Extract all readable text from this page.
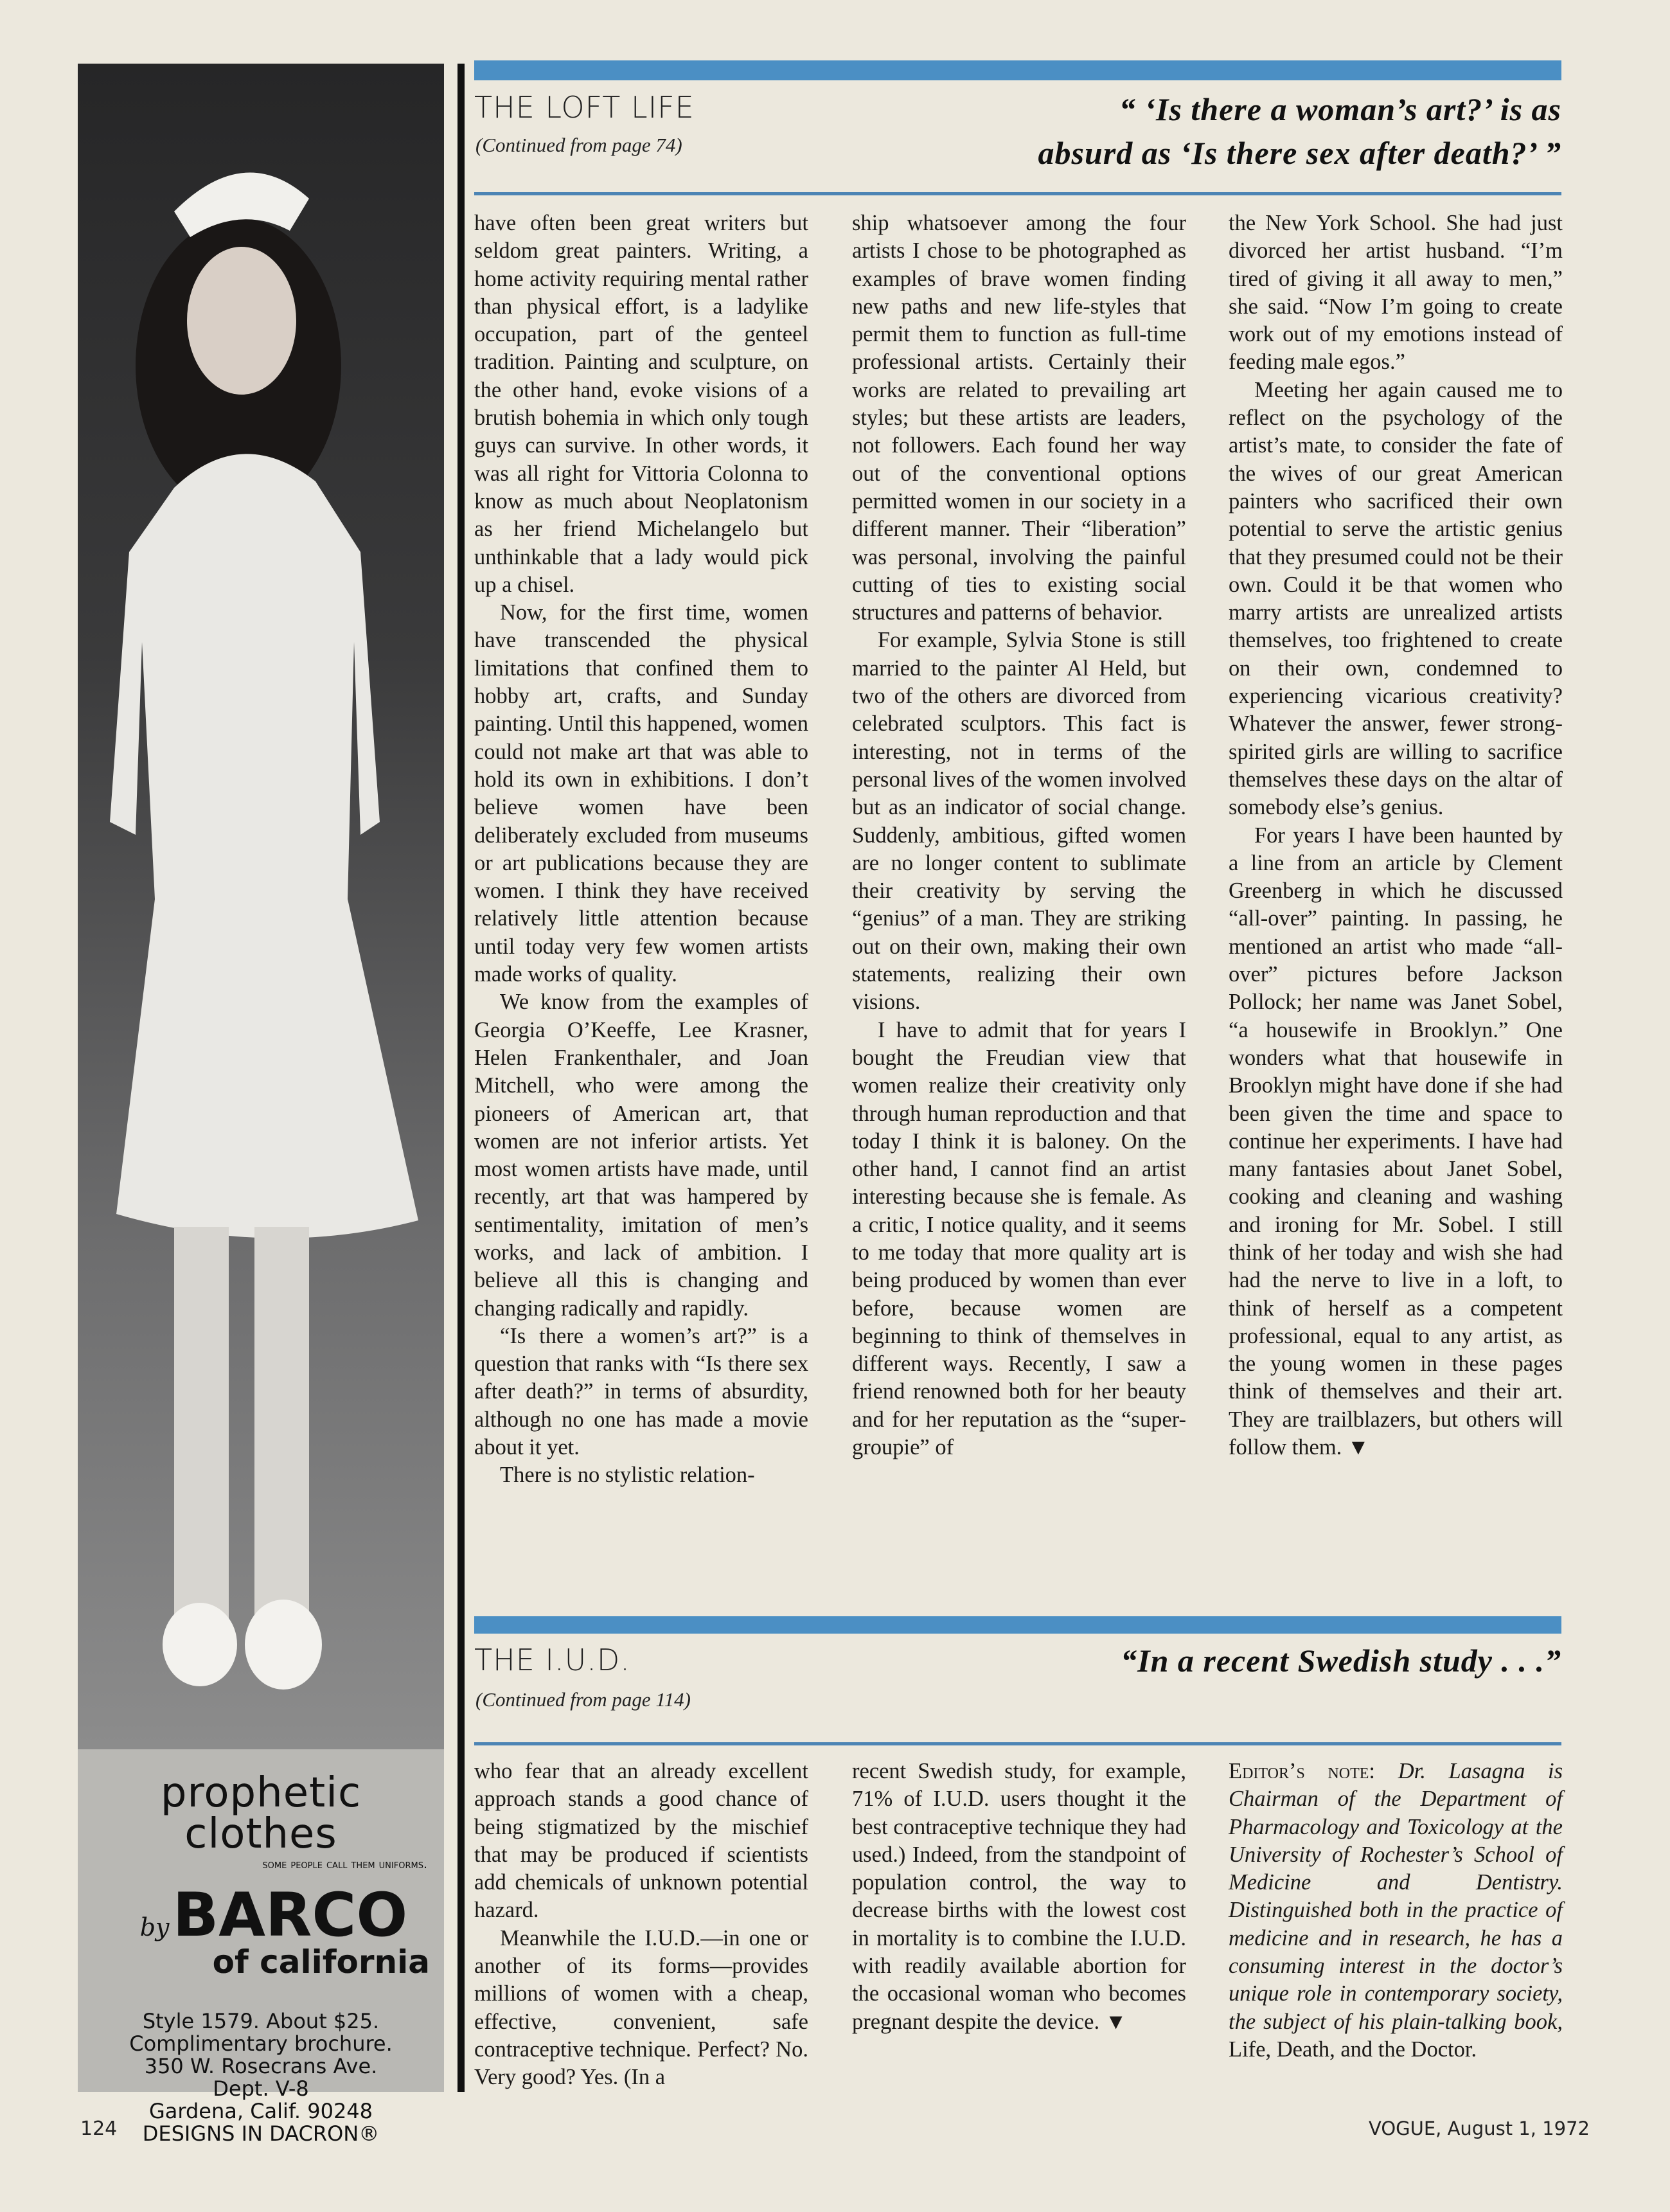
prophetic clothes
some people call them uniforms.
by BARCO
of california
Style 1579. About $25.
Complimentary brochure.
350 W. Rosecrans Ave.
Dept. V-8
Gardena, Calif. 90248
DESIGNS IN DACRON®
THE LOFT LIFE
(Continued from page 74)
“ ‘Is there a woman’s art?’ is as
absurd as ‘Is there sex after death?’ ”

have often been great writers but seldom great painters. Writing, a home activity requiring mental rather than physical effort, is a ladylike occupation, part of the genteel tradition. Painting and sculpture, on the other hand, evoke visions of a brutish bohemia in which only tough guys can survive. In other words, it was all right for Vittoria Colonna to know as much about Neoplatonism as her friend Michelangelo but unthinkable that a lady would pick up a chisel.

Now, for the first time, women have transcended the physical limitations that confined them to hobby art, crafts, and Sunday painting. Until this happened, women could not make art that was able to hold its own in exhibitions. I don’t believe women have been deliberately excluded from museums or art publications because they are women. I think they have received relatively little attention because until today very few women artists made works of quality.

We know from the examples of Georgia O’Keeffe, Lee Krasner, Helen Frankenthaler, and Joan Mitchell, who were among the pioneers of American art, that women are not inferior artists. Yet most women artists have made, until recently, art that was hampered by sentimentality, imitation of men’s works, and lack of ambition. I believe all this is changing and changing radically and rapidly.

“Is there a women’s art?” is a question that ranks with “Is there sex after death?” in terms of absurdity, although no one has made a movie about it yet.

There is no stylistic relation-

ship whatsoever among the four artists I chose to be photographed as examples of brave women finding new paths and new life-styles that permit them to function as full-time professional artists. Certainly their works are related to prevailing art styles; but these artists are leaders, not followers. Each found her way out of the conventional options permitted women in our society in a different manner. Their “liberation” was personal, involving the painful cutting of ties to existing social structures and patterns of behavior.

For example, Sylvia Stone is still married to the painter Al Held, but two of the others are divorced from celebrated sculptors. This fact is interesting, not in terms of the personal lives of the women involved but as an indicator of social change. Suddenly, ambitious, gifted women are no longer content to sublimate their creativity by serving the “genius” of a man. They are striking out on their own, making their own statements, realizing their own visions.

I have to admit that for years I bought the Freudian view that women realize their creativity only through human reproduction and that today I think it is baloney. On the other hand, I cannot find an artist interesting because she is female. As a critic, I notice quality, and it seems to me today that more quality art is being produced by women than ever before, because women are beginning to think of themselves in different ways. Recently, I saw a friend renowned both for her beauty and for her reputation as the “super-groupie” of

the New York School. She had just divorced her artist husband. “I’m tired of giving it all away to men,” she said. “Now I’m going to create work out of my emotions instead of feeding male egos.”

Meeting her again caused me to reflect on the psychology of the artist’s mate, to consider the fate of the wives of our great American painters who sacrificed their own potential to serve the artistic genius that they presumed could not be their own. Could it be that women who marry artists are unrealized artists themselves, too frightened to create on their own, condemned to experiencing vicarious creativity? Whatever the answer, fewer strong-spirited girls are willing to sacrifice themselves these days on the altar of somebody else’s genius.

For years I have been haunted by a line from an article by Clement Greenberg in which he discussed “all-over” painting. In passing, he mentioned an artist who made “all-over” pictures before Jackson Pollock; her name was Janet Sobel, “a housewife in Brooklyn.” One wonders what that housewife in Brooklyn might have done if she had been given the time and space to continue her experiments. I have had many fantasies about Janet Sobel, cooking and cleaning and washing and ironing for Mr. Sobel. I still think of her today and wish she had had the nerve to live in a loft, to think of herself as a competent professional, equal to any artist, as the young women in these pages think of themselves and their art. They are trailblazers, but others will follow them. ▼

THE I.U.D.
(Continued from page 114)
“In a recent Swedish study . . .”

who fear that an already excellent approach stands a good chance of being stigmatized by the mischief that may be produced if scientists add chemicals of unknown potential hazard.

Meanwhile the I.U.D.—in one or another of its forms—provides millions of women with a cheap, effective, convenient, safe contraceptive technique. Perfect? No. Very good? Yes. (In a

recent Swedish study, for example, 71% of I.U.D. users thought it the best contraceptive technique they had used.) Indeed, from the standpoint of population control, the way to decrease births with the lowest cost in mortality is to combine the I.U.D. with readily available abortion for the occasional woman who becomes pregnant despite the device. ▼

Editor’s note: Dr. Lasagna is Chairman of the Department of Pharmacology and Toxicology at the University of Rochester’s School of Medicine and Dentistry. Distinguished both in the practice of medicine and in research, he has a consuming interest in the doctor’s unique role in contemporary society, the subject of his plain-talking book, Life, Death, and the Doctor.

124	VOGUE, August 1, 1972
